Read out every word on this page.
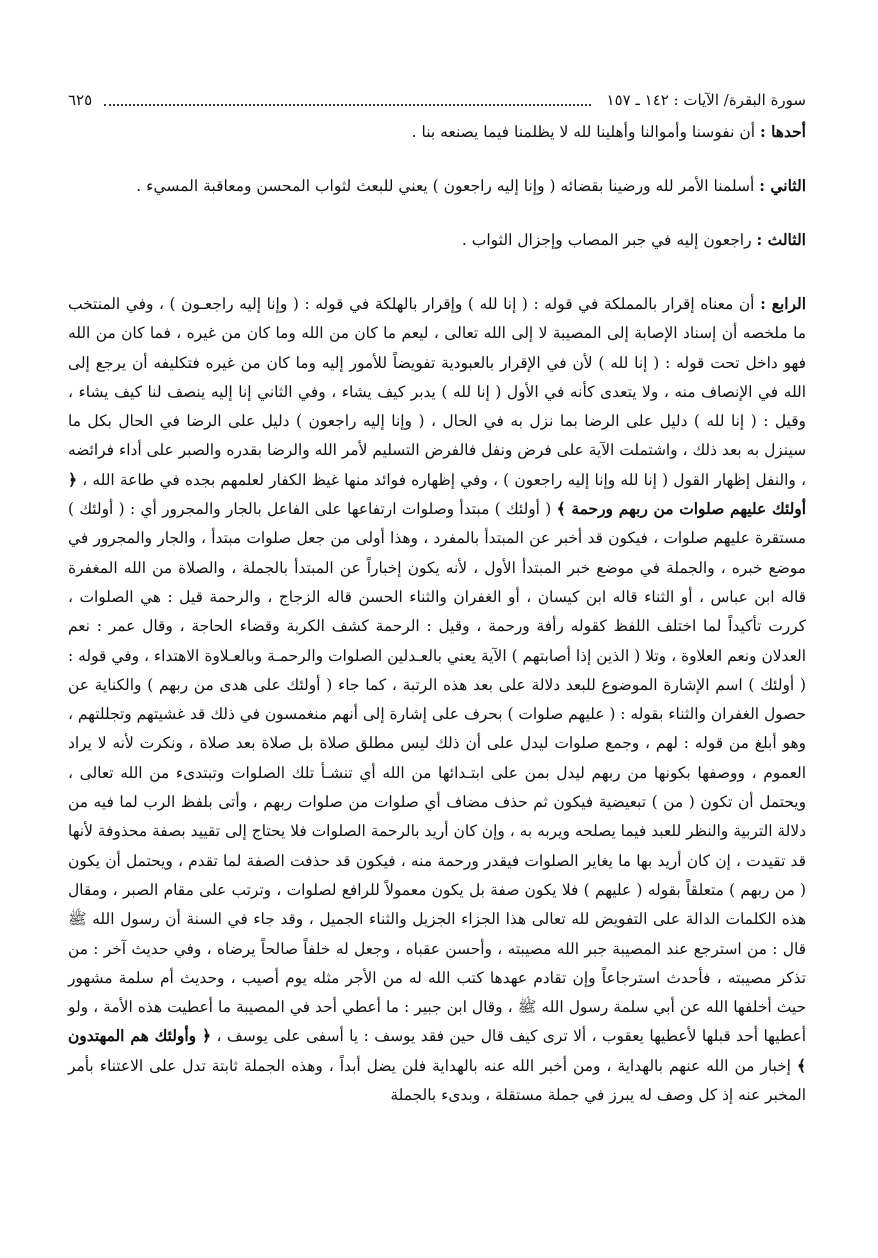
سورة البقرة/ الآيات : ١٤٢ ـ ١٥٧
٦٢٥

أحدها : أن نفوسنا وأموالنا وأهلينا لله لا يظلمنا فيما يصنعه بنا .

الثاني : أسلمنا الأمر لله ورضينا بقضائه ( وإنا إليه راجعون ) يعني للبعث لثواب المحسن ومعاقبة المسيء .

الثالث : راجعون إليه في جبر المصاب وإجزال الثواب .

الرابع : أن معناه إقرار بالمملكة في قوله : ( إنا لله ) وإقرار بالهلكة في قوله : ( وإنا إليه راجعـون ) ، وفي المنتخب ما ملخصه أن إسناد الإصابة إلى المصيبة لا إلى الله تعالى ، ليعم ما كان من الله وما كان من غيره ، فما كان من الله فهو داخل تحت قوله : ( إنا لله ) لأن في الإقرار بالعبودية تفويضاً للأمور إليه وما كان من غيره فتكليفه أن يرجع إلى الله في الإنصاف منه ، ولا يتعدى كأنه في الأول ( إنا لله ) يدبر كيف يشاء ، وفي الثاني إنا إليه ينصف لنا كيف يشاء ، وقيل : ( إنا لله ) دليل على الرضا بما نزل به في الحال ، ( وإنا إليه راجعون ) دليل على الرضا في الحال بكل ما سينزل به بعد ذلك ، واشتملت الآية على فرض ونفل فالفرض التسليم لأمر الله والرضا بقدره والصبر على أداء فرائضه ، والنفل إظهار القول ( إنا لله وإنا إليه راجعون ) ، وفي إظهاره فوائد منها غيظ الكفار لعلمهم بجده في طاعة الله ، ﴿ أولئك عليهم صلوات من ربهم ورحمة ﴾ ( أولئك ) مبتدأ وصلوات ارتفاعها على الفاعل بالجار والمجرور أي : ( أولئك ) مستقرة عليهم صلوات ، فيكون قد أخبر عن المبتدأ بالمفرد ، وهذا أولى من جعل صلوات مبتدأ ، والجار والمجرور في موضع خبره ، والجملة في موضع خبر المبتدأ الأول ، لأنه يكون إخباراً عن المبتدأ بالجملة ، والصلاة من الله المغفرة قاله ابن عباس ، أو الثناء قاله ابن كيسان ، أو الغفران والثناء الحسن قاله الزجاج ، والرحمة قيل : هي الصلوات ، كررت تأكيداً لما اختلف اللفظ كقوله رأفة ورحمة ، وقيل : الرحمة كشف الكربة وقضاء الحاجة ، وقال عمر : نعم العدلان ونعم العلاوة ، وتلا ( الذين إذا أصابتهم ) الآية يعني بالعـدلين الصلوات والرحمـة وبالعـلاوة الاهتداء ، وفي قوله : ( أولئك ) اسم الإشارة الموضوع للبعد دلالة على بعد هذه الرتبة ، كما جاء ( أولئك على هدى من ربهم ) والكناية عن حصول الغفران والثناء بقوله : ( عليهم صلوات ) بحرف على إشارة إلى أنهم منغمسون في ذلك قد غشيتهم وتجللتهم ، وهو أبلغ من قوله : لهم ، وجمع صلوات ليدل على أن ذلك ليس مطلق صلاة بل صلاة بعد صلاة ، ونكرت لأنه لا يراد العموم ، ووصفها بكونها من ربهم ليدل بمن على ابتـدائها من الله أي تنشـأ تلك الصلوات وتبتدىء من الله تعالى ، ويحتمل أن تكون ( من ) تبعيضية فيكون ثم حذف مضاف أي صلوات من صلوات ربهم ، وأتى بلفظ الرب لما فيه من دلالة التربية والنظر للعبد فيما يصلحه ويربه به ، وإن كان أريد بالرحمة الصلوات فلا يحتاج إلى تقييد بصفة محذوفة لأنها قد تقيدت ، إن كان أريد بها ما يغاير الصلوات فيقدر ورحمة منه ، فيكون قد حذفت الصفة لما تقدم ، ويحتمل أن يكون ( من ربهم ) متعلقاً بقوله ( عليهم ) فلا يكون صفة بل يكون معمولاً للرافع لصلوات ، وترتب على مقام الصبر ، ومقال هذه الكلمات الدالة على التفويض لله تعالى هذا الجزاء الجزيل والثناء الجميل ، وقد جاء في السنة أن رسول الله ﷺ قال : من استرجع عند المصيبة جبر الله مصيبته ، وأحسن عقباه ، وجعل له خلفاً صالحاً يرضاه ، وفي حديث آخر : من تذكر مصيبته ، فأحدث استرجاعاً وإن تقادم عهدها كتب الله له من الأجر مثله يوم أصيب ، وحديث أم سلمة مشهور حيث أخلفها الله عن أبي سلمة رسول الله ﷺ ، وقال ابن جبير : ما أعطي أحد في المصيبة ما أعطيت هذه الأمة ، ولو أعطيها أحد قبلها لأعطيها يعقوب ، ألا ترى كيف قال حين فقد يوسف : يا أسفى على يوسف ، ﴿ وأولئك هم المهتدون ﴾ إخبار من الله عنهم بالهداية ، ومن أخبر الله عنه بالهداية فلن يضل أبداً ، وهذه الجملة ثابتة تدل على الاعتناء بأمر المخبر عنه إذ كل وصف له يبرز في جملة مستقلة ، وبدىء بالجملة
